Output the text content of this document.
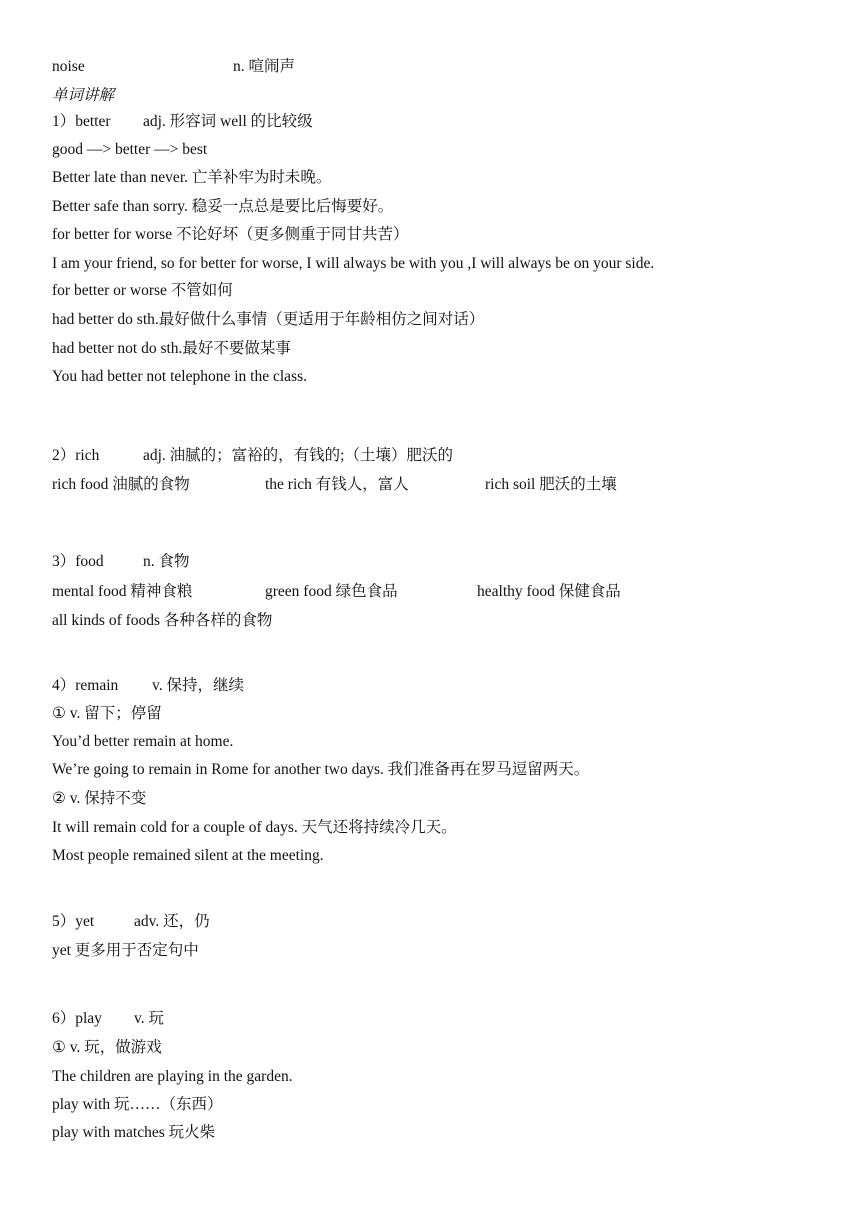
noise	n. 喧闹声
单词讲解
1）better adj. 形容词 well 的比较级
good —> better —> best
Better late than never. 亡羊补牢为时未晚。
Better safe than sorry. 稳妥一点总是要比后悔要好。
for better for worse 不论好坏（更多侧重于同甘共苦）
I am your friend, so for better for worse, I will always be with you ,I will always be on your side.
for better or worse 不管如何
had better do sth.最好做什么事情（更适用于年龄相仿之间对话）
had better not do sth.最好不要做某事
You had better not telephone in the class.
2）rich	adj. 油腻的；富裕的，有钱的;（土壤）肥沃的
rich food 油腻的食物	the rich 有钱人，富人	rich soil 肥沃的土壤
3）food	n. 食物
mental food 精神食粮	green food 绿色食品	healthy food 保健食品
all kinds of foods 各种各样的食物
4）remain v. 保持，继续
① v. 留下；停留
You’d better remain at home.
We’re going to remain in Rome for another two days. 我们准备再在罗马逗留两天。
② v. 保持不变
It will remain cold for a couple of days. 天气还将持续冷几天。
Most people remained silent at the meeting.
5）yet	adv. 还，仍
yet 更多用于否定句中
6）play v. 玩
① v. 玩，做游戏
The children are playing in the garden.
play with 玩……（东西）
play with matches 玩火柴
